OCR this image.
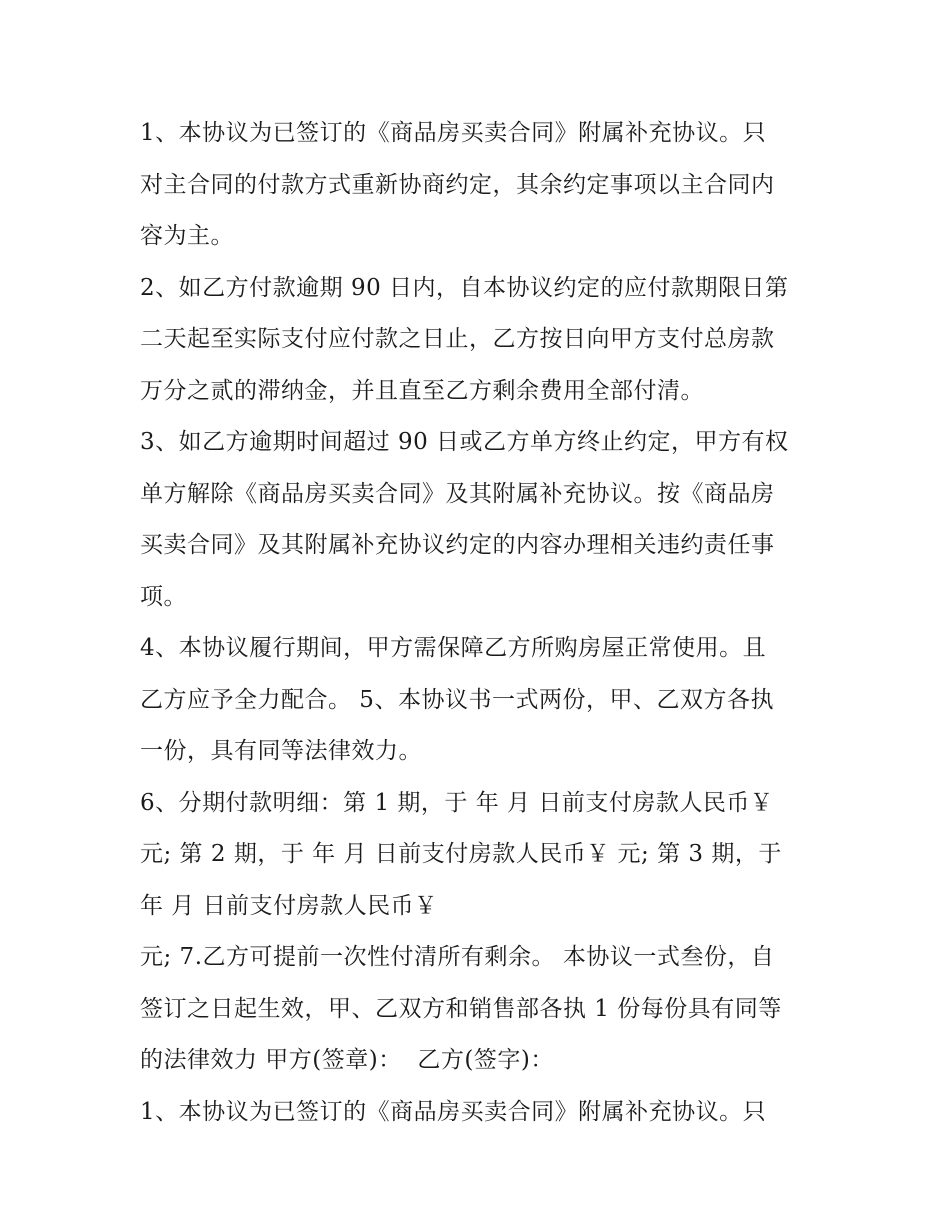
1、本协议为已签订的《商品房买卖合同》附属补充协议。只
对主合同的付款方式重新协商约定，其余约定事项以主合同内
容为主。
2、如乙方付款逾期 90 日内，自本协议约定的应付款期限日第
二天起至实际支付应付款之日止，乙方按日向甲方支付总房款
万分之贰的滞纳金，并且直至乙方剩余费用全部付清。
3、如乙方逾期时间超过 90 日或乙方单方终止约定，甲方有权
单方解除《商品房买卖合同》及其附属补充协议。按《商品房
买卖合同》及其附属补充协议约定的内容办理相关违约责任事
项。
4、本协议履行期间，甲方需保障乙方所购房屋正常使用。且
乙方应予全力配合。 5、本协议书一式两份，甲、乙双方各执
一份，具有同等法律效力。
6、分期付款明细：第 1 期，于 年 月 日前支付房款人民币￥
元; 第 2 期，于 年 月 日前支付房款人民币￥ 元; 第 3 期，于
年 月 日前支付房款人民币￥
元; 7.乙方可提前一次性付清所有剩余。 本协议一式叁份，自
签订之日起生效，甲、乙双方和销售部各执 1 份每份具有同等
的法律效力 甲方(签章)：  乙方(签字)：
1、本协议为已签订的《商品房买卖合同》附属补充协议。只
